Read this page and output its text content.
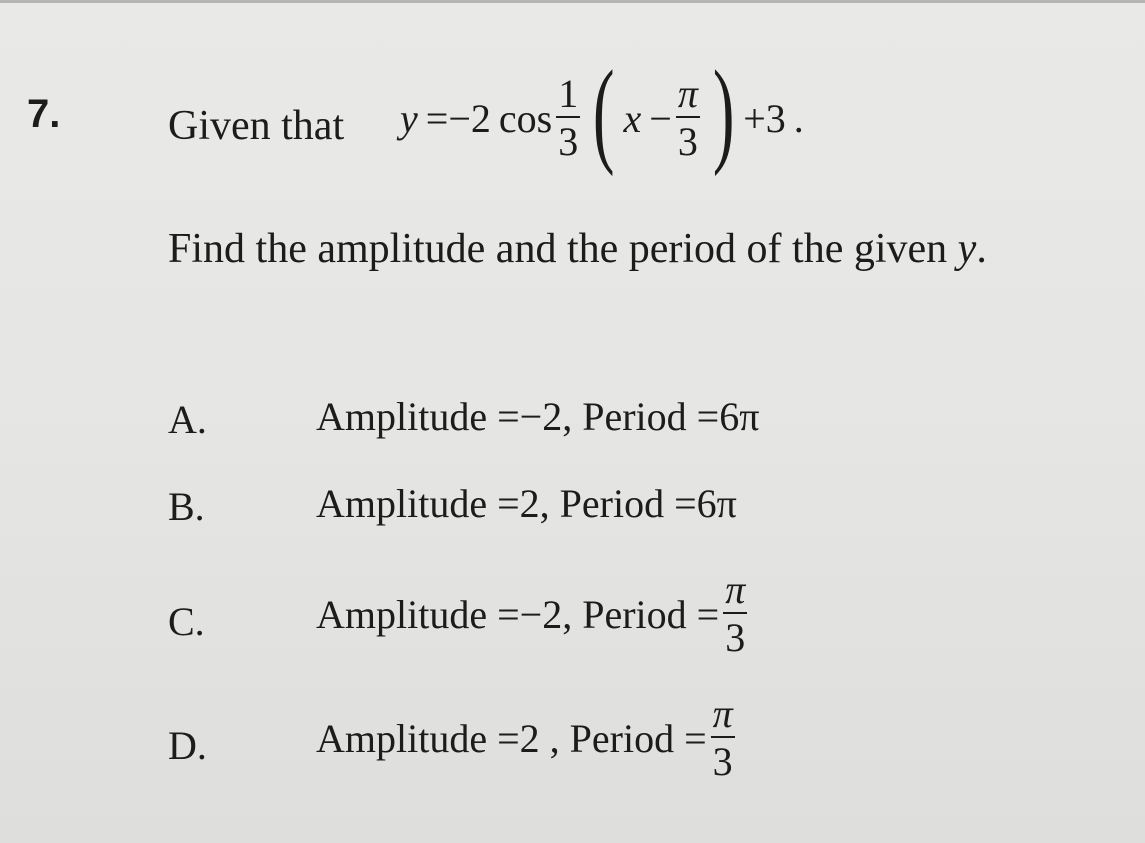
7.	Given that y = −2 $\cos \frac{1}{3}$ ( $x - \frac{\pi}{3}$ ) +3 .
Find the amplitude and the period of the given y.
A.	Amplitude =−2 , Period =6π
B.	Amplitude =2 , Period =6π
C.	Amplitude =−2 , Period = $\frac{\pi}{3}$
D.	Amplitude =2 , Period = $\frac{\pi}{3}$
